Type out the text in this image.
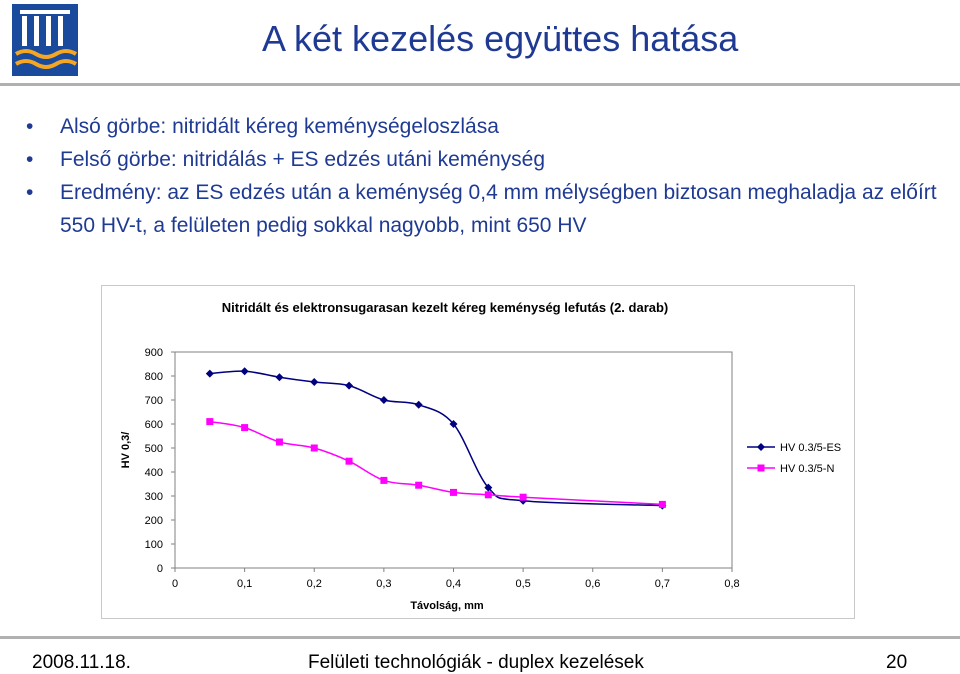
A két kezelés együttes hatása
• Alsó görbe: nitridált kéreg keménységeloszlása
• Felső görbe: nitridálás + ES edzés utáni keménység
• Eredmény: az ES edzés után a keménység 0,4 mm mélységben biztosan meghaladja az előírt 550 HV-t, a felületen pedig sokkal nagyobb, mint 650 HV
Nitridált és elektronsugarasan kezelt kéreg keménység lefutás (2. darab)
0
100
200
300
400
500
600
700
800
900
0	0,1	0,2	0,3	0,4	0,5	0,6	0,7	0,8
Távolság, mm
HV 0,3/	HV 0.3/5-ES
HV 0.3/5-N
2008.11.18.	Felületi technológiák - duplex kezelések	20
